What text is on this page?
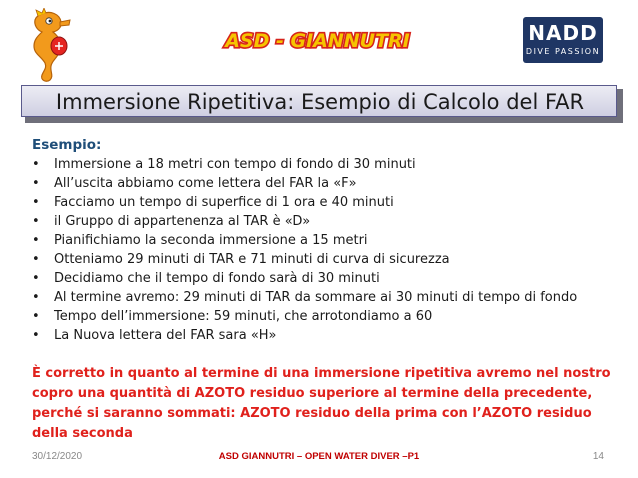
ASD - GIANNUTRI	NADD
DIVE PASSION
Immersione Ripetitiva: Esempio di Calcolo del FAR
Esempio:
•	Immersione a 18 metri con tempo di fondo di 30 minuti
•	All’uscita abbiamo come lettera del FAR la «F»
•	Facciamo un tempo di superfice di 1 ora e 40 minuti
•	il Gruppo di appartenenza al TAR è «D»
•	Pianifichiamo la seconda immersione a 15 metri
•	Otteniamo 29 minuti di TAR e 71 minuti di curva di sicurezza
•	Decidiamo che il tempo di fondo sarà di 30 minuti
•	Al termine avremo: 29 minuti di TAR da sommare ai 30 minuti di tempo di fondo
•	Tempo dell’immersione: 59 minuti, che arrotondiamo a 60
•	La Nuova lettera del FAR sara «H»
È corretto in quanto al termine di una immersione ripetitiva avremo nel nostro copro una quantità di AZOTO residuo superiore al termine della precedente, perché si saranno sommati: AZOTO residuo della prima con l’AZOTO residuo della seconda
30/12/2020	ASD GIANNUTRI – OPEN WATER DIVER –P1	14
